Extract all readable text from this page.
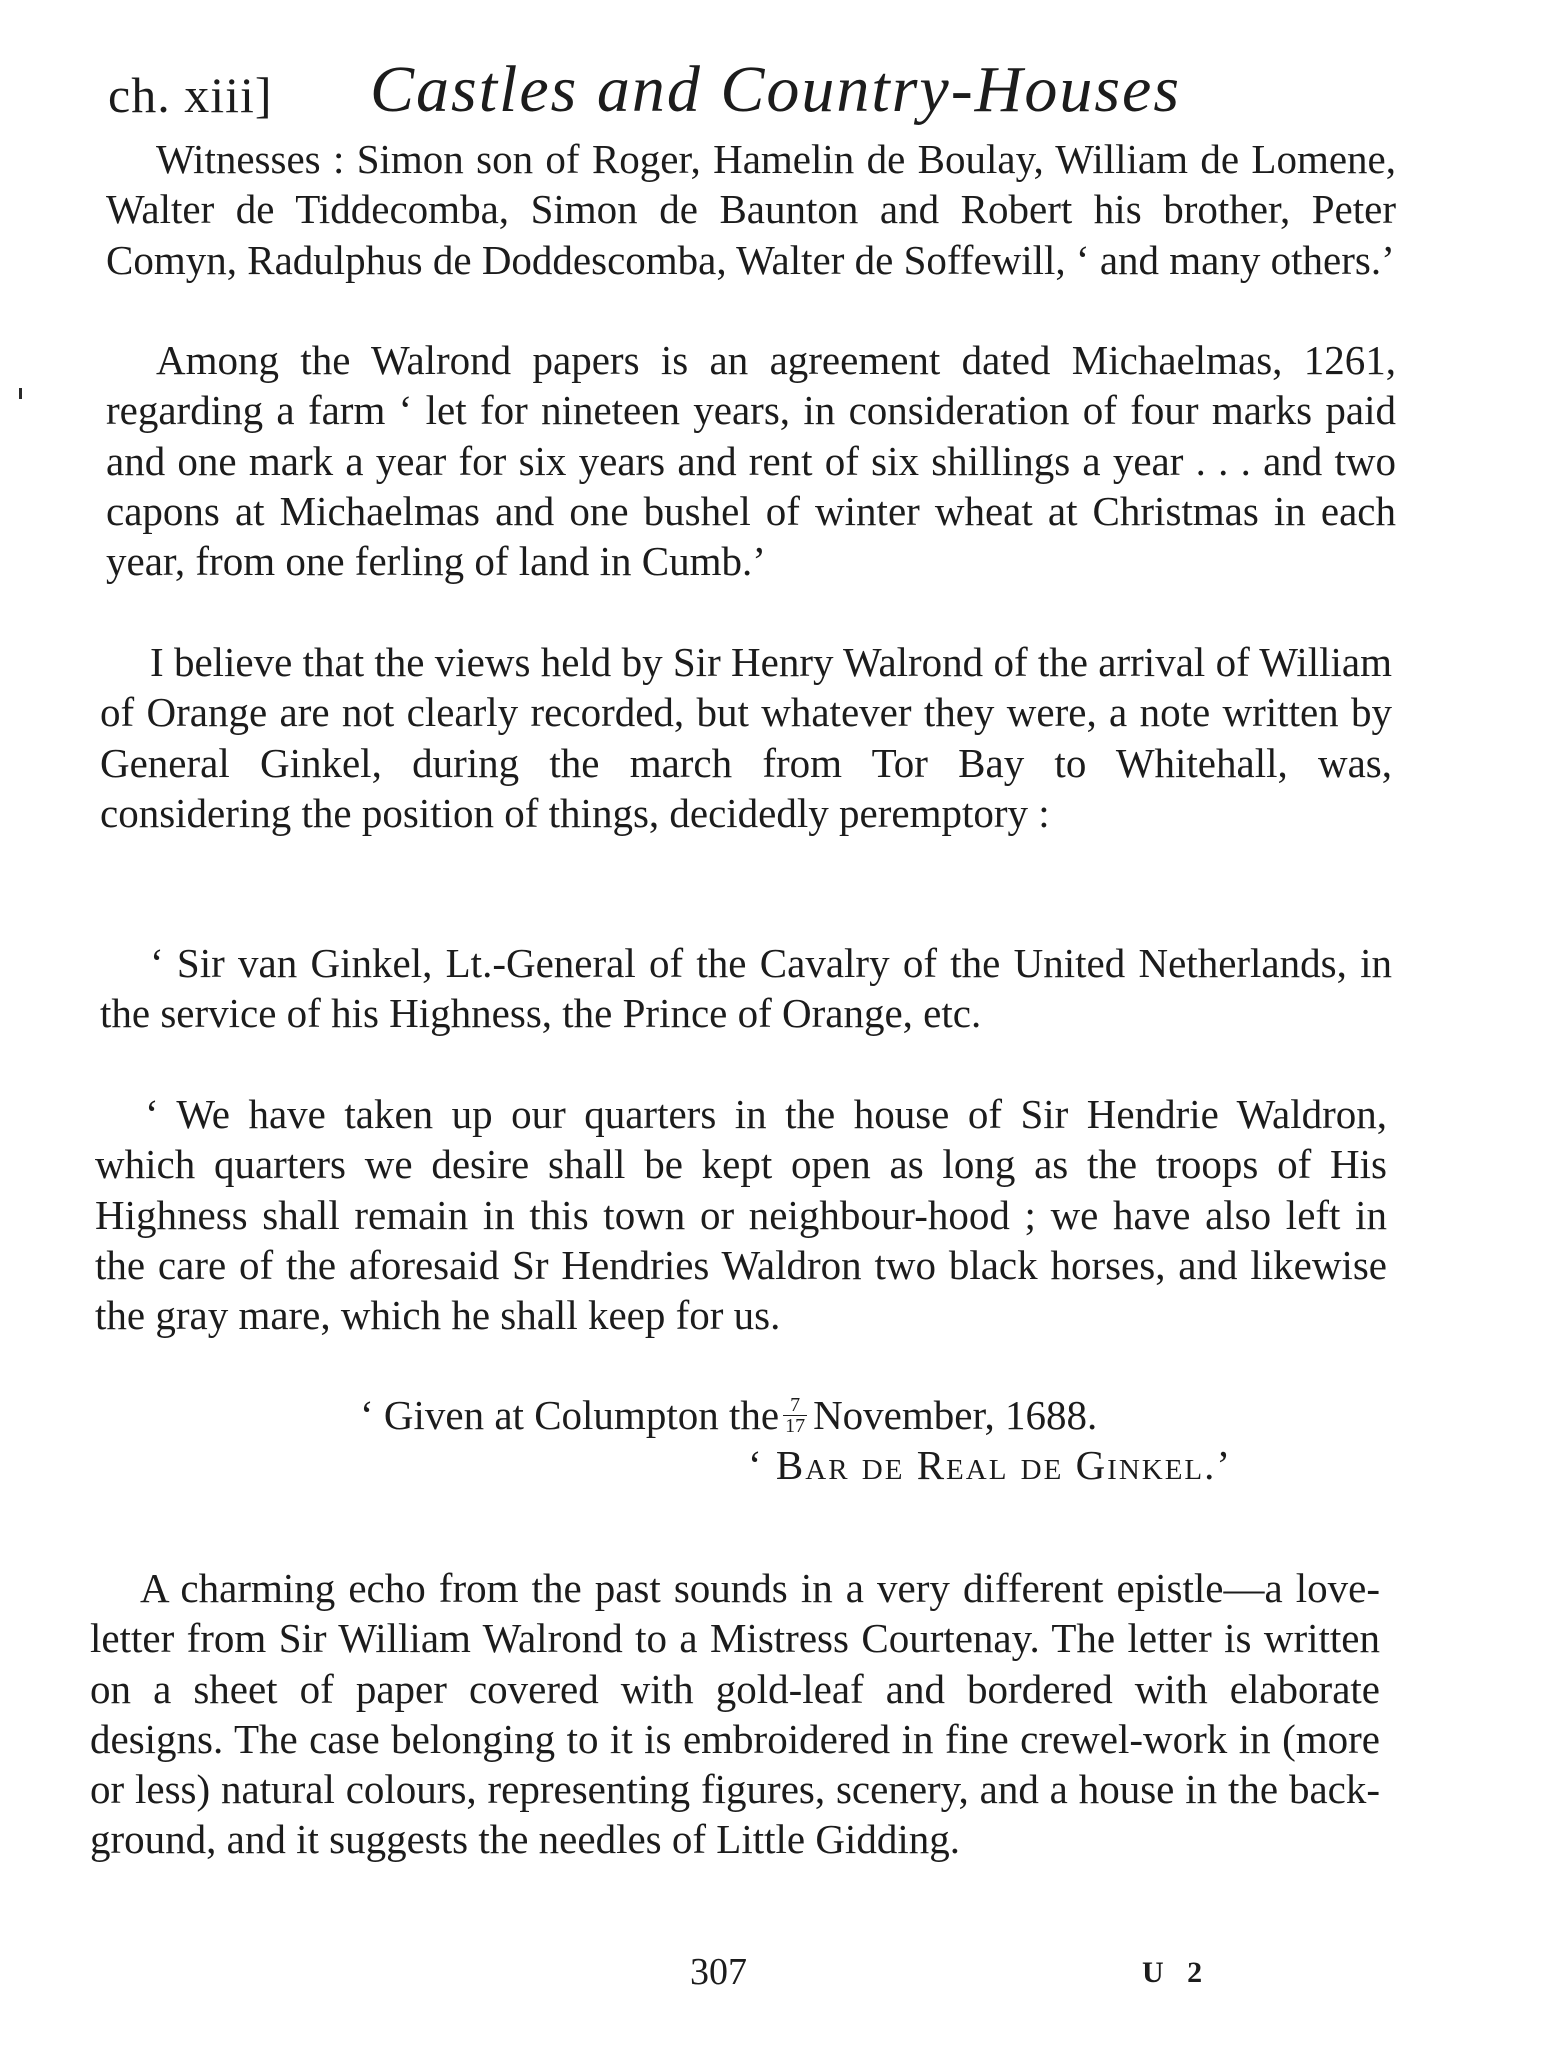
ch. xiii] Castles and Country-Houses

Witnesses : Simon son of Roger, Hamelin de Boulay, William de Lomene, Walter de Tiddecomba, Simon de Baunton and Robert his brother, Peter Comyn, Radulphus de Doddescomba, Walter de Soffewill, ‘ and many others.’

Among the Walrond papers is an agreement dated Michaelmas, 1261, regarding a farm ‘ let for nineteen years, in consideration of four marks paid and one mark a year for six years and rent of six shillings a year . . . and two capons at Michaelmas and one bushel of winter wheat at Christmas in each year, from one ferling of land in Cumb.’

I believe that the views held by Sir Henry Walrond of the arrival of William of Orange are not clearly recorded, but whatever they were, a note written by General Ginkel, during the march from Tor Bay to Whitehall, was, considering the position of things, decidedly peremptory :

‘ Sir van Ginkel, Lt.-General of the Cavalry of the United Netherlands, in the service of his Highness, the Prince of Orange, etc.

‘ We have taken up our quarters in the house of Sir Hendrie Waldron, which quarters we desire shall be kept open as long as the troops of His Highness shall remain in this town or neighbour-hood ; we have also left in the care of the aforesaid Sr Hendries Waldron two black horses, and likewise the gray mare, which he shall keep for us.

‘ Given at Columpton the $\frac{7}{17}$ November, 1688.

‘ Bar de Real de Ginkel.’

A charming echo from the past sounds in a very different epistle—a love-letter from Sir William Walrond to a Mistress Courtenay. The letter is written on a sheet of paper covered with gold-leaf and bordered with elaborate designs. The case belonging to it is embroidered in fine crewel-work in (more or less) natural colours, representing figures, scenery, and a house in the back-ground, and it suggests the needles of Little Gidding.

307	U 2
